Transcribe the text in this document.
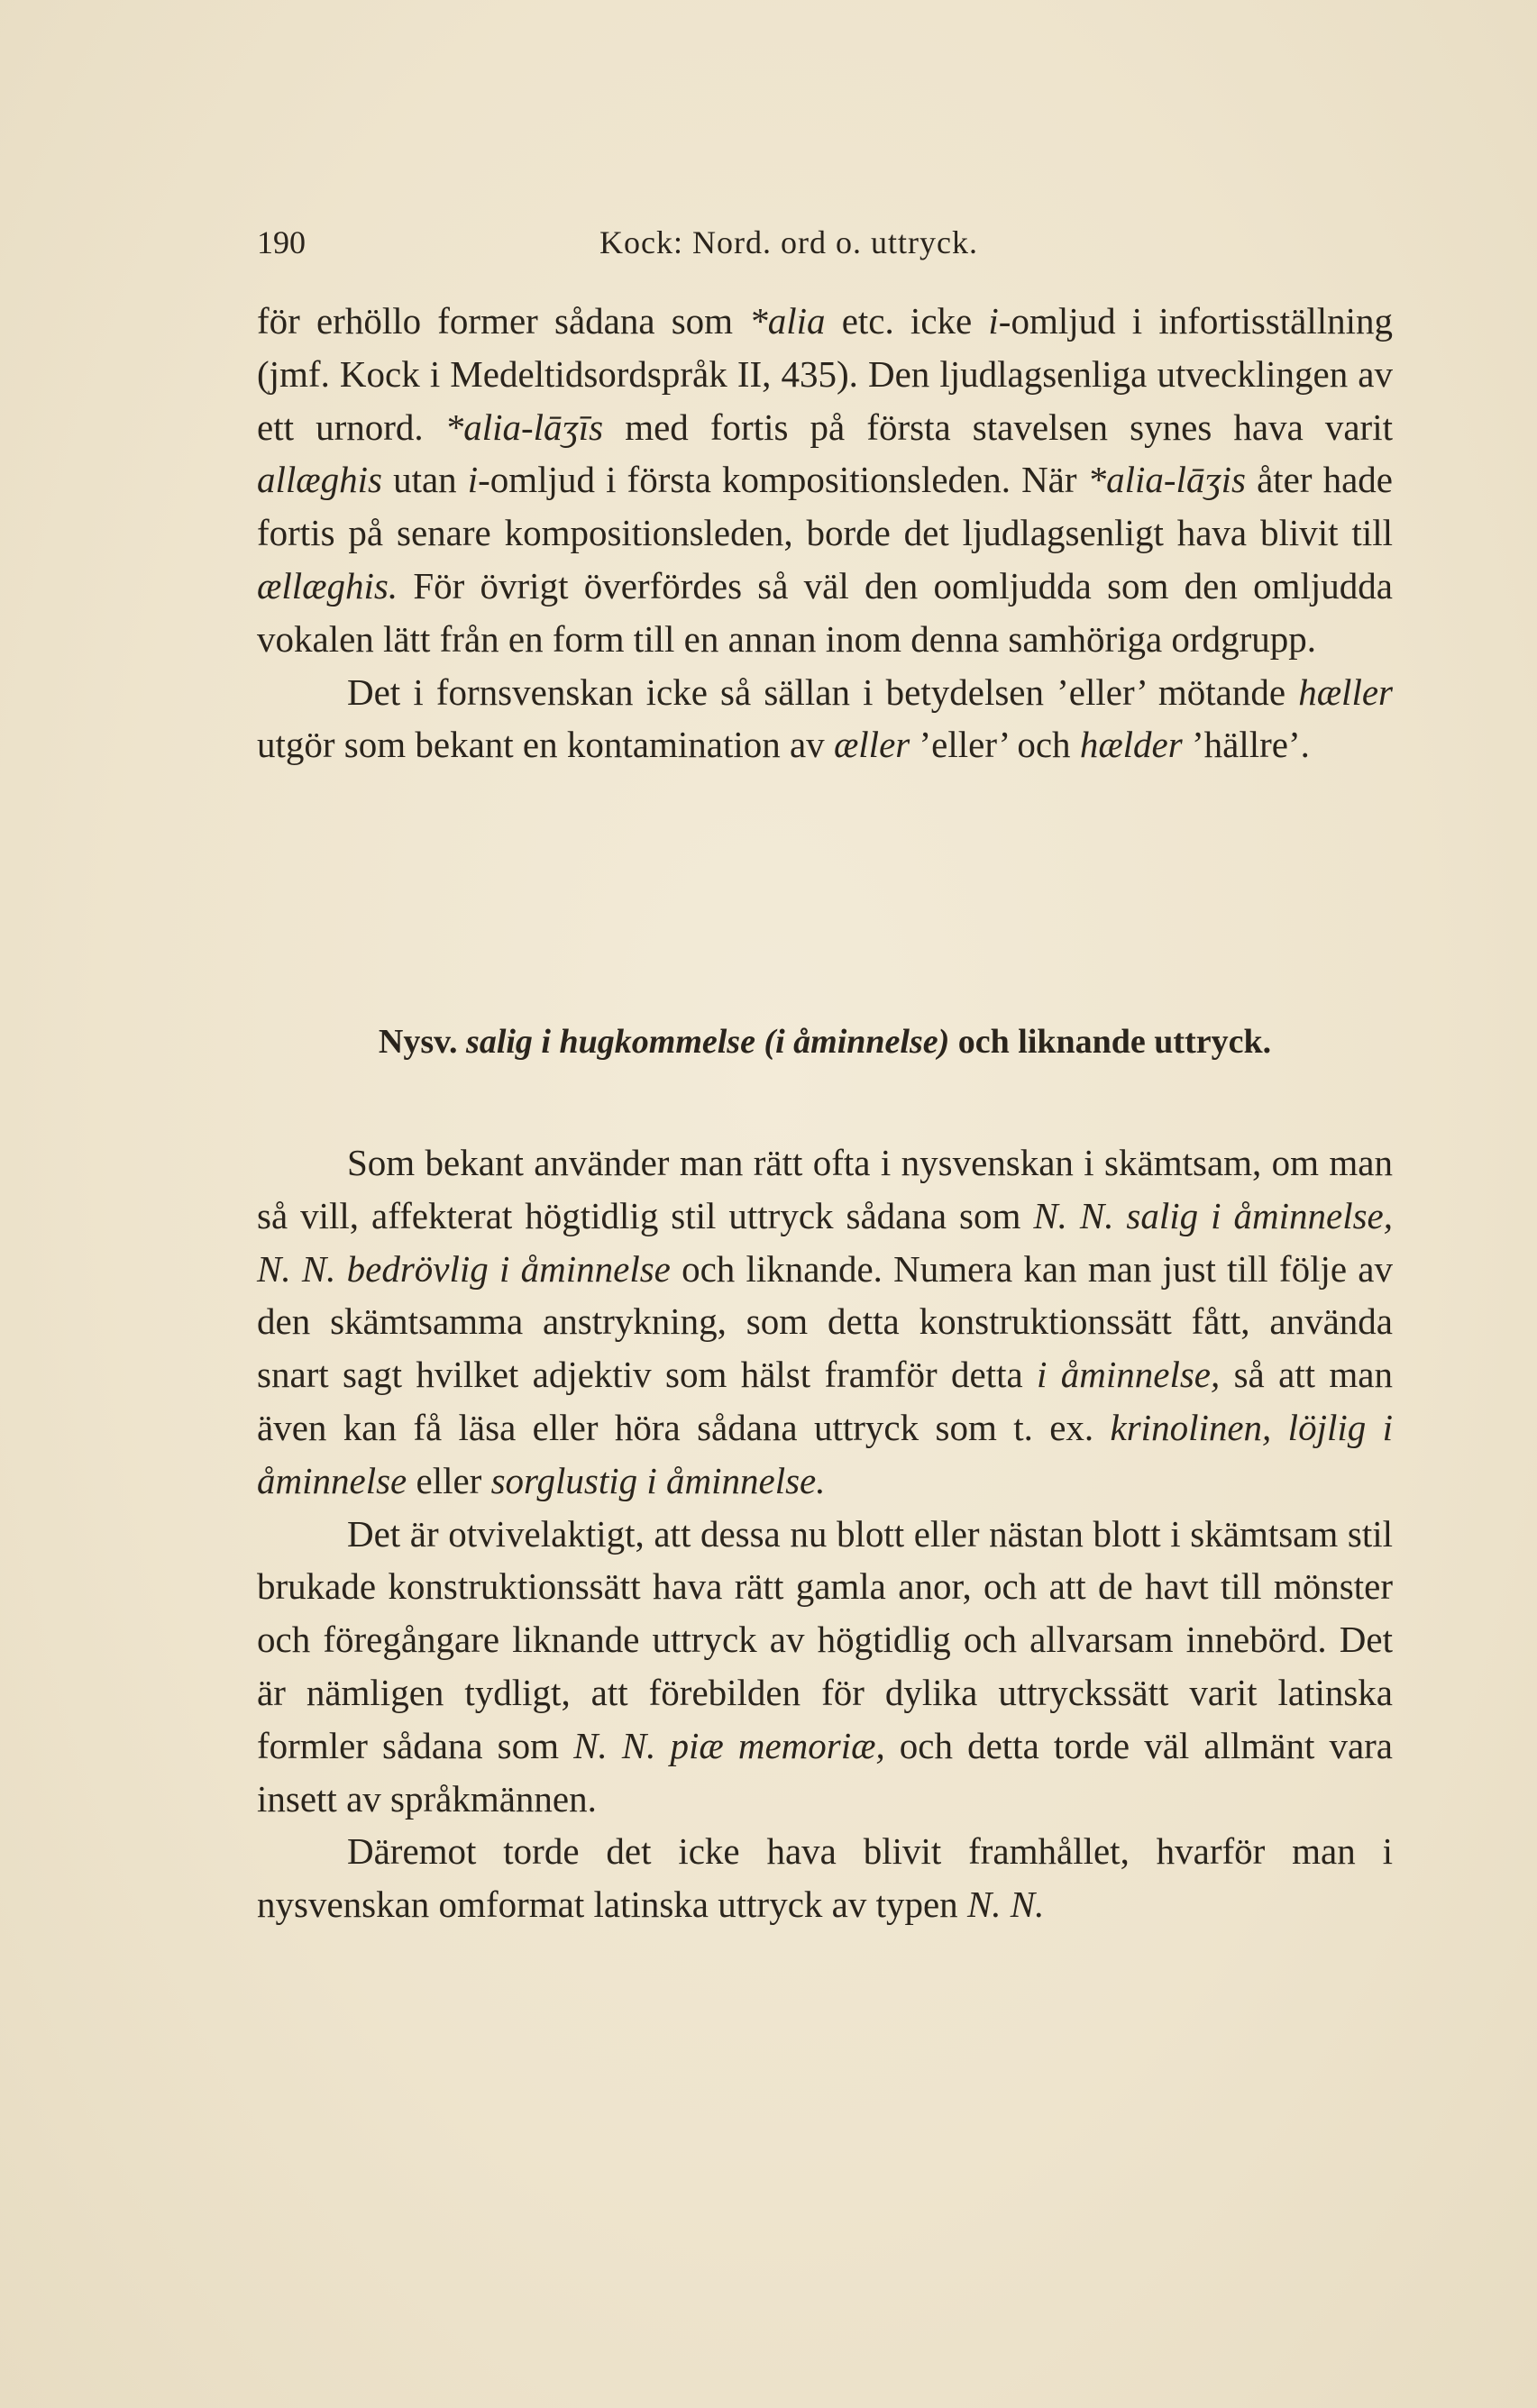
190	Kock: Nord. ord o. uttryck.

för erhöllo former sådana som *alia etc. icke i-omljud i infortisställning (jmf. Kock i Medeltidsordspråk II, 435). Den ljudlagsenliga utvecklingen av ett urnord. *alia-lāʒīs med fortis på första stavelsen synes hava varit allæghis utan i-omljud i första kompositionsleden. När *alia-lāʒis åter hade fortis på senare kompositionsleden, borde det ljudlagsenligt hava blivit till ællæghis. För övrigt överfördes så väl den oomljudda som den omljudda vokalen lätt från en form till en annan inom denna samhöriga ordgrupp.

Det i fornsvenskan icke så sällan i betydelsen ’eller’ mötande hæller utgör som bekant en kontamination av æller ’eller’ och hælder ’hällre’.

Nysv. salig i hugkommelse (i åminnelse) och liknande uttryck.

Som bekant använder man rätt ofta i nysvenskan i skämtsam, om man så vill, affekterat högtidlig stil uttryck sådana som N. N. salig i åminnelse, N. N. bedrövlig i åminnelse och liknande. Numera kan man just till följe av den skämtsamma anstrykning, som detta konstruktionssätt fått, använda snart sagt hvilket adjektiv som hälst framför detta i åminnelse, så att man även kan få läsa eller höra sådana uttryck som t. ex. krinolinen, löjlig i åminnelse eller sorglustig i åminnelse.

Det är otvivelaktigt, att dessa nu blott eller nästan blott i skämtsam stil brukade konstruktionssätt hava rätt gamla anor, och att de havt till mönster och föregångare liknande uttryck av högtidlig och allvarsam innebörd. Det är nämligen tydligt, att förebilden för dylika uttryckssätt varit latinska formler sådana som N. N. piæ memoriæ, och detta torde väl allmänt vara insett av språkmännen.

Däremot torde det icke hava blivit framhållet, hvarför man i nysvenskan omformat latinska uttryck av typen N. N.
